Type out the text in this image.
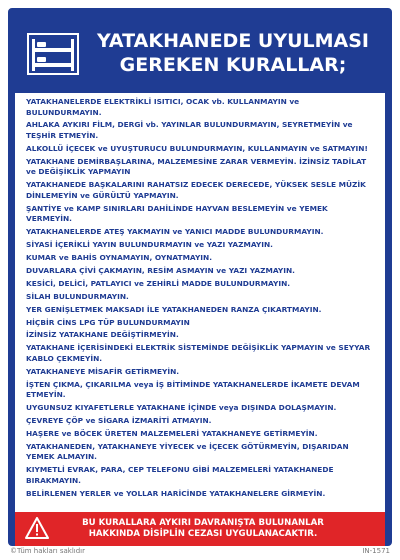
YATAKHANEDE UYULMASI
GEREKEN KURALLAR;
YATAKHANELERDE ELEKTRİKLİ ISITICI, OCAK vb. KULLANMAYIN ve BULUNDURMAYIN.
AHLAKA AYKIRI FİLM, DERGİ vb. YAYINLAR BULUNDURMAYIN, SEYRETMEYİN ve TEŞHİR ETMEYİN.
ALKOLLÜ İÇECEK ve UYUŞTURUCU BULUNDURMAYIN, KULLANMAYIN ve SATMAYIN!
YATAKHANE DEMİRBAŞLARINA, MALZEMESİNE ZARAR VERMEYİN. İZİNSİZ TADİLAT ve DEĞİŞİKLİK YAPMAYIN
YATAKHANEDE BAŞKALARINI RAHATSIZ EDECEK DERECEDE, YÜKSEK SESLE MÜZİK DİNLEMEYİN ve GÜRÜLTÜ YAPMAYIN.
ŞANTİYE ve KAMP SINIRLARI DAHİLİNDE HAYVAN BESLEMEYİN ve YEMEK VERMEYİN.
YATAKHANELERDE ATEŞ YAKMAYIN ve YANICI MADDE BULUNDURMAYIN.
SİYASİ İÇERİKLİ YAYIN BULUNDURMAYIN ve YAZI YAZMAYIN.
KUMAR ve BAHİS OYNAMAYIN, OYNATMAYIN.
DUVARLARA ÇİVİ ÇAKMAYIN, RESİM ASMAYIN ve YAZI YAZMAYIN.
KESİCİ, DELİCİ, PATLAYICI ve ZEHİRLİ MADDE BULUNDURMAYIN.
SİLAH BULUNDURMAYIN.
YER GENİŞLETMEK MAKSADI İLE YATAKHANEDEN RANZA ÇIKARTMAYIN.
HİÇBİR CİNS LPG TÜP BULUNDURMAYIN
İZİNSİZ YATAKHANE DEĞİŞTİRMEYİN.
YATAKHANE İÇERİSİNDEKİ ELEKTRİK SİSTEMİNDE DEĞİŞİKLİK YAPMAYIN ve SEYYAR KABLO ÇEKMEYİN.
YATAKHANEYE MİSAFİR GETİRMEYİN.
İŞTEN ÇIKMA, ÇIKARILMA veya İŞ BİTİMİNDE YATAKHANELERDE İKAMETE DEVAM ETMEYİN.
UYGUNSUZ KIYAFETLERLE YATAKHANE İÇİNDE veya DIŞINDA DOLAŞMAYIN.
ÇEVREYE ÇÖP ve SİGARA İZMARİTİ ATMAYIN.
HAŞERE ve BÖCEK ÜRETEN MALZEMELERİ YATAKHANEYE GETİRMEYİN.
YATAKHANEDEN, YATAKHANEYE YİYECEK ve İÇECEK GÖTÜRMEYİN, DIŞARIDAN YEMEK ALMAYIN.
KIYMETLİ EVRAK, PARA, CEP TELEFONU GİBİ MALZEMELERİ YATAKHANEDE BIRAKMAYIN.
BELİRLENEN YERLER ve YOLLAR HARİCİNDE YATAKHANELERE GİRMEYİN.
BU KURALLARA AYKIRI DAVRANIŞTA BULUNANLAR
HAKKINDA DİSİPLİN CEZASI UYGULANACAKTIR.
©Tüm hakları saklıdır	IN-1571
